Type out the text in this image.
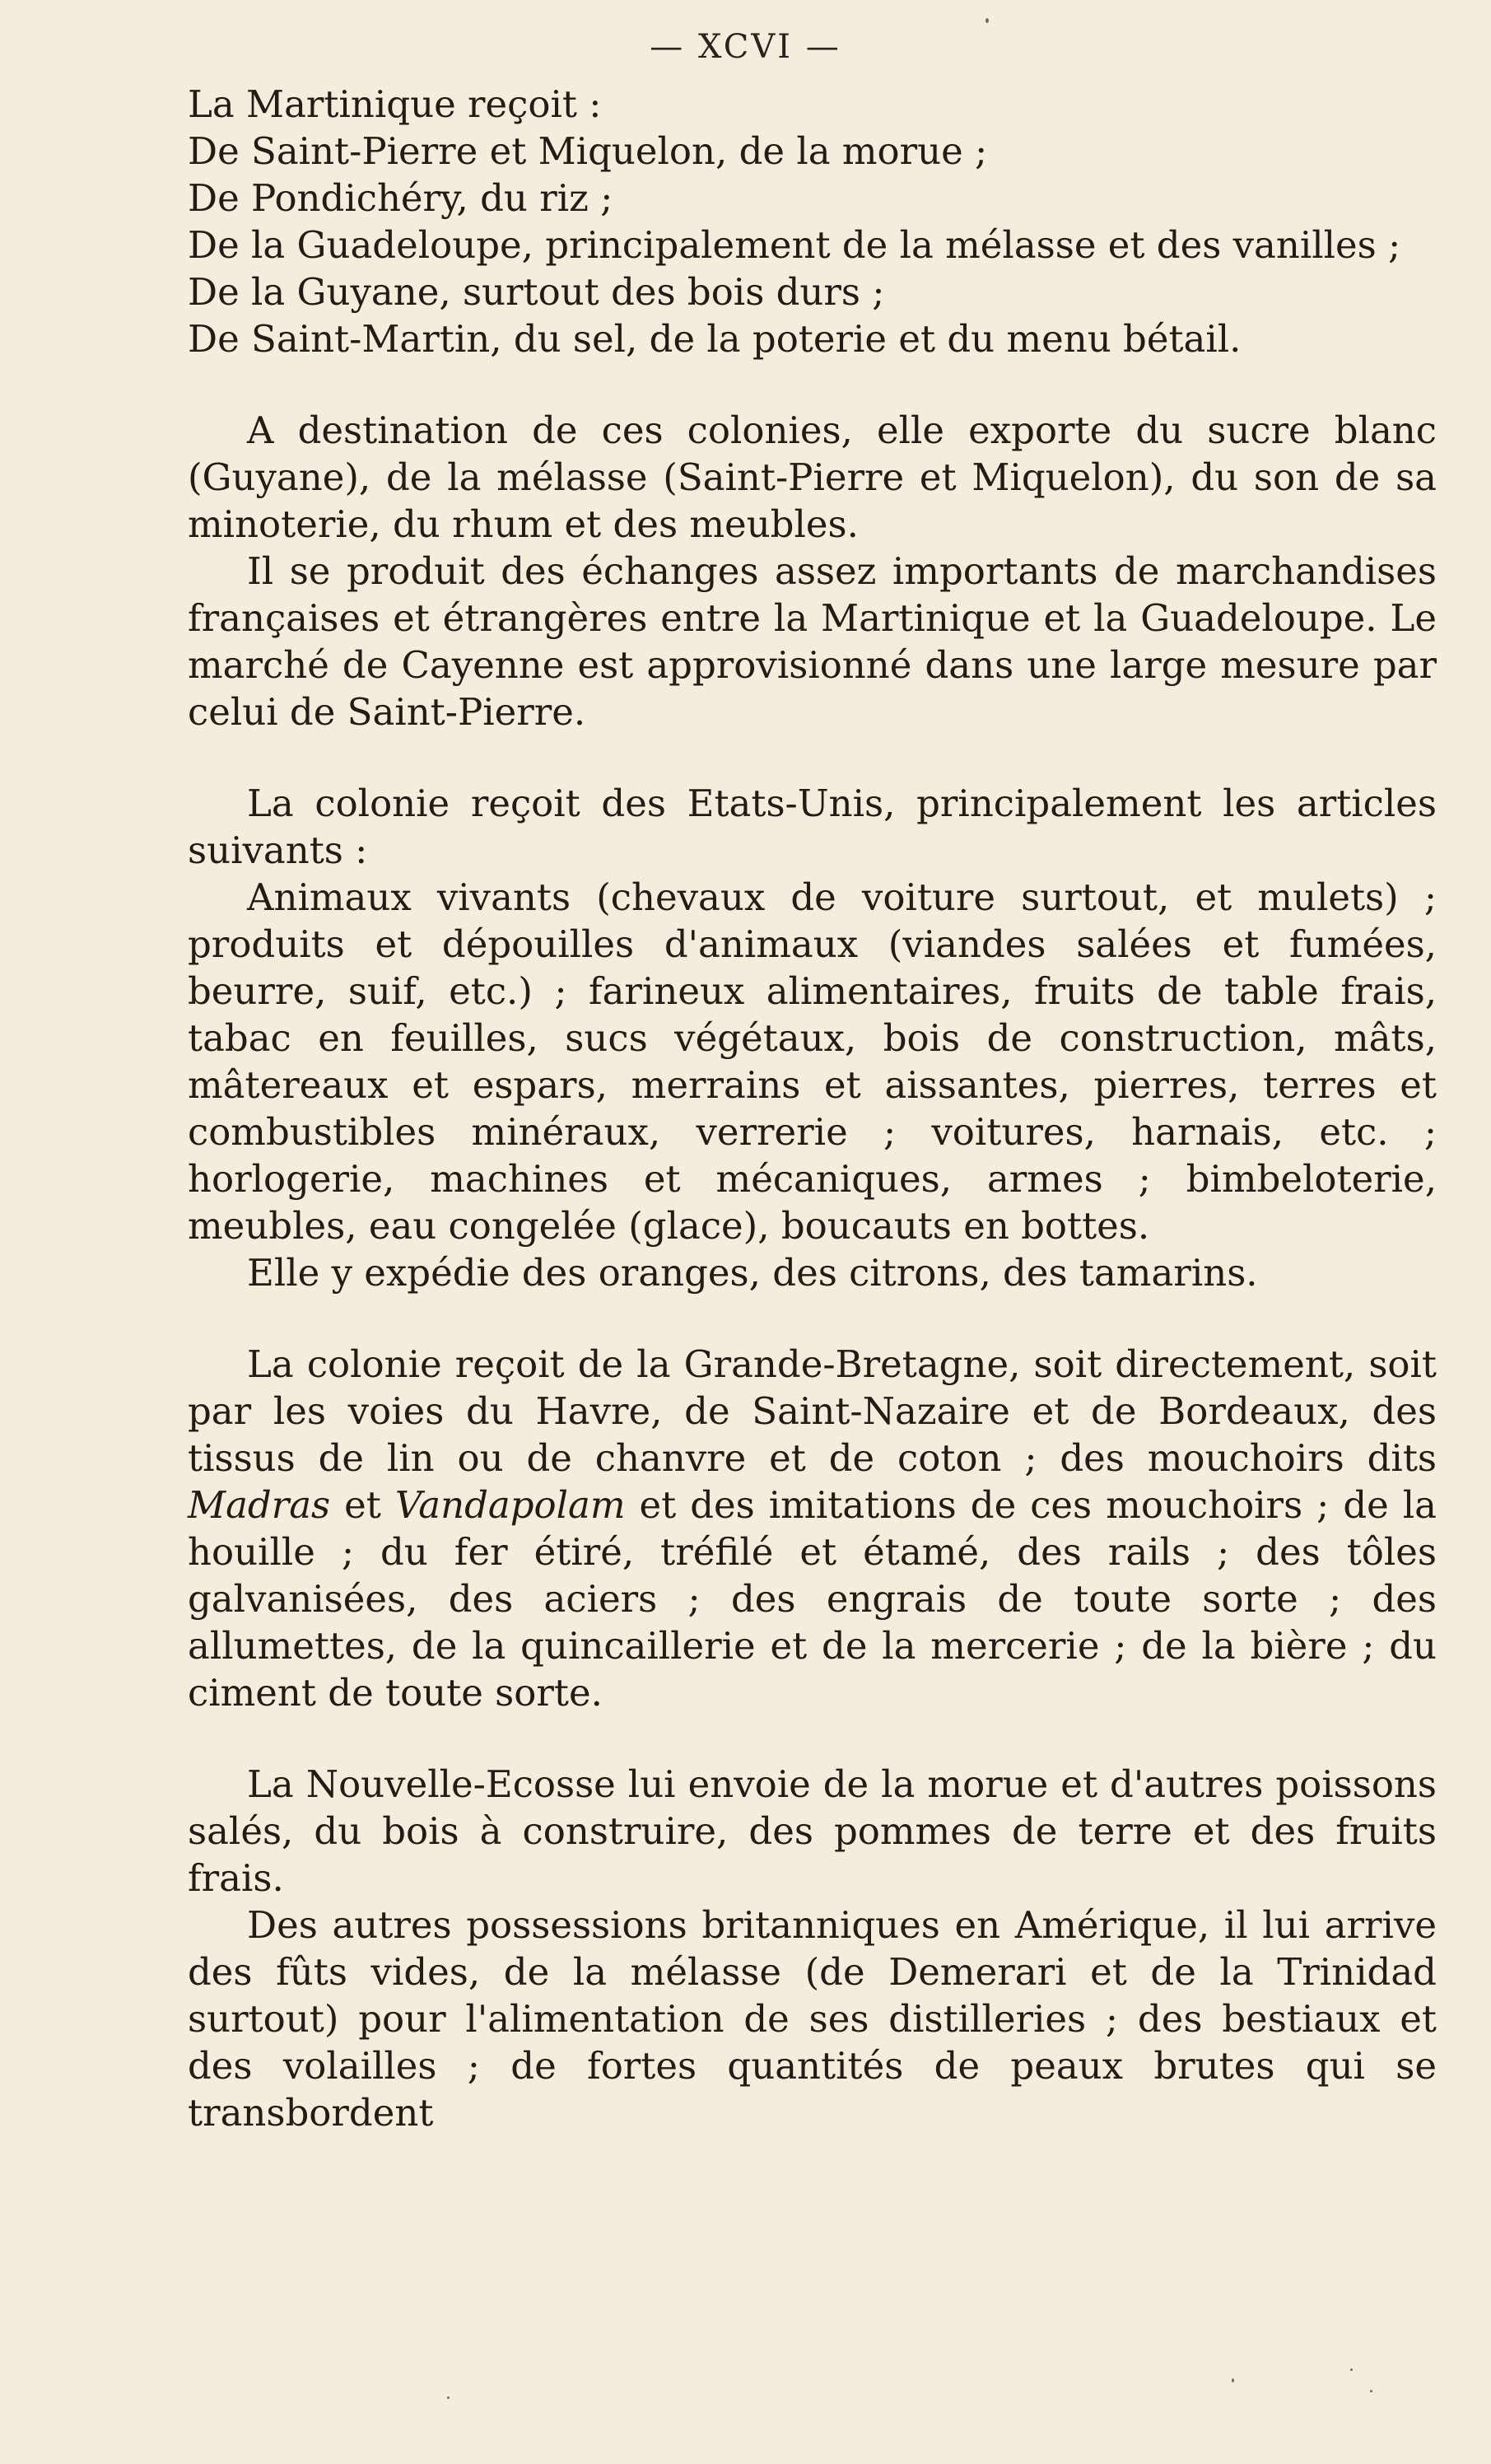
— XCVI —

La Martinique reçoit :

De Saint-Pierre et Miquelon, de la morue ;

De Pondichéry, du riz ;

De la Guadeloupe, principalement de la mélasse et des vanilles ;

De la Guyane, surtout des bois durs ;

De Saint-Martin, du sel, de la poterie et du menu bétail.

A destination de ces colonies, elle exporte du sucre blanc (Guyane), de la mélasse (Saint-Pierre et Miquelon), du son de sa minoterie, du rhum et des meubles.

Il se produit des échanges assez importants de marchandises françaises et étrangères entre la Martinique et la Guadeloupe. Le marché de Cayenne est approvisionné dans une large mesure par celui de Saint-Pierre.

La colonie reçoit des Etats-Unis, principalement les articles suivants :

Animaux vivants (chevaux de voiture surtout, et mulets) ; produits et dépouilles d'animaux (viandes salées et fumées, beurre, suif, etc.) ; farineux alimentaires, fruits de table frais, tabac en feuilles, sucs végétaux, bois de construction, mâts, mâtereaux et espars, merrains et aissantes, pierres, terres et combustibles minéraux, verrerie ; voitures, harnais, etc. ; horlogerie, machines et mécaniques, armes ; bimbeloterie, meubles, eau congelée (glace), boucauts en bottes.

Elle y expédie des oranges, des citrons, des tamarins.

La colonie reçoit de la Grande-Bretagne, soit directement, soit par les voies du Havre, de Saint-Nazaire et de Bordeaux, des tissus de lin ou de chanvre et de coton ; des mouchoirs dits Madras et Vandapolam et des imitations de ces mouchoirs ; de la houille ; du fer étiré, tréfilé et étamé, des rails ; des tôles galvanisées, des aciers ; des engrais de toute sorte ; des allumettes, de la quincaillerie et de la mercerie ; de la bière ; du ciment de toute sorte.

La Nouvelle-Ecosse lui envoie de la morue et d'autres poissons salés, du bois à construire, des pommes de terre et des fruits frais.

Des autres possessions britanniques en Amérique, il lui arrive des fûts vides, de la mélasse (de Demerari et de la Trinidad surtout) pour l'alimentation de ses distilleries ; des bestiaux et des volailles ; de fortes quantités de peaux brutes qui se transbordent
